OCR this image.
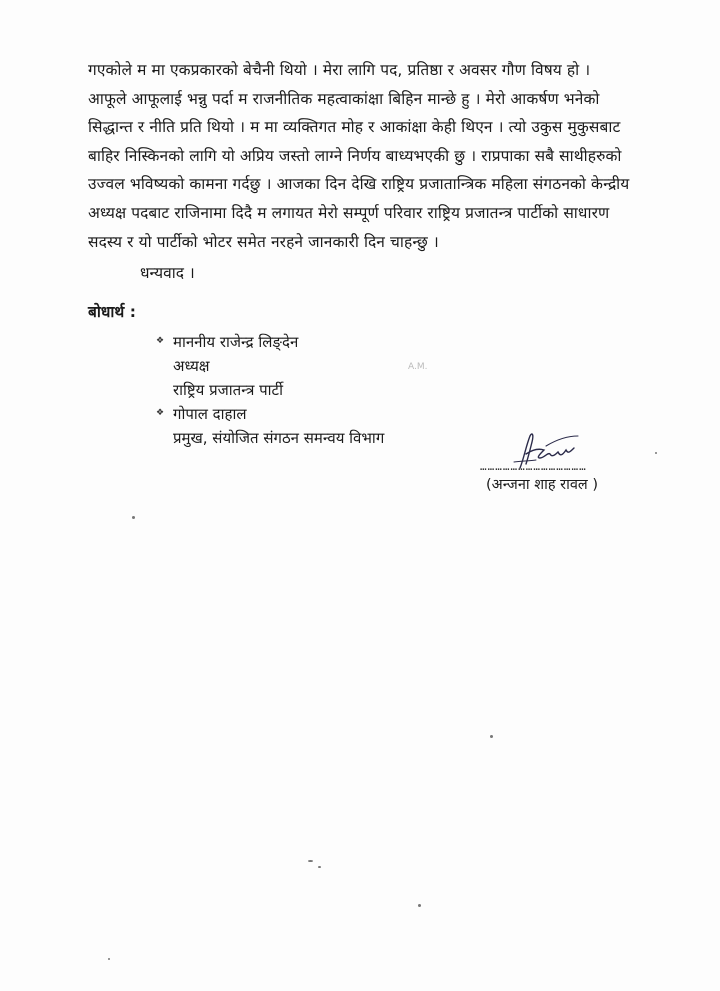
गएकोले म मा एकप्रकारको बेचैनी थियो । मेरा लागि पद, प्रतिष्ठा र अवसर गौण विषय हो ।
आफूले आफूलाई भन्नु पर्दा म राजनीतिक महत्वाकांक्षा बिहिन मान्छे हु । मेरो आकर्षण भनेको
सिद्धान्त र नीति प्रति थियो । म मा व्यक्तिगत मोह र आकांक्षा केही थिएन । त्यो उकुस मुकुसबाट
बाहिर निस्किनको लागि यो अप्रिय जस्तो लाग्ने निर्णय बाध्यभएकी छु । राप्रपाका सबै साथीहरुको
उज्वल भविष्यको कामना गर्दछु । आजका दिन देखि राष्ट्रिय प्रजातान्त्रिक महिला संगठनको केन्द्रीय
अध्यक्ष पदबाट राजिनामा दिदै म लगायत मेरो सम्पूर्ण परिवार राष्ट्रिय प्रजातन्त्र पार्टीको साधारण
सदस्य र यो पार्टीको भोटर समेत नरहने जानकारी दिन चाहन्छु ।

धन्यवाद ।

बोधार्थ :

❖ माननीय राजेन्द्र लिङ्देन
अध्यक्ष
राष्ट्रिय प्रजातन्त्र पार्टी
❖ गोपाल दाहाल
प्रमुख, संयोजित संगठन समन्वय विभाग
A.M.
……………………………………
(अन्जना शाह रावल )
